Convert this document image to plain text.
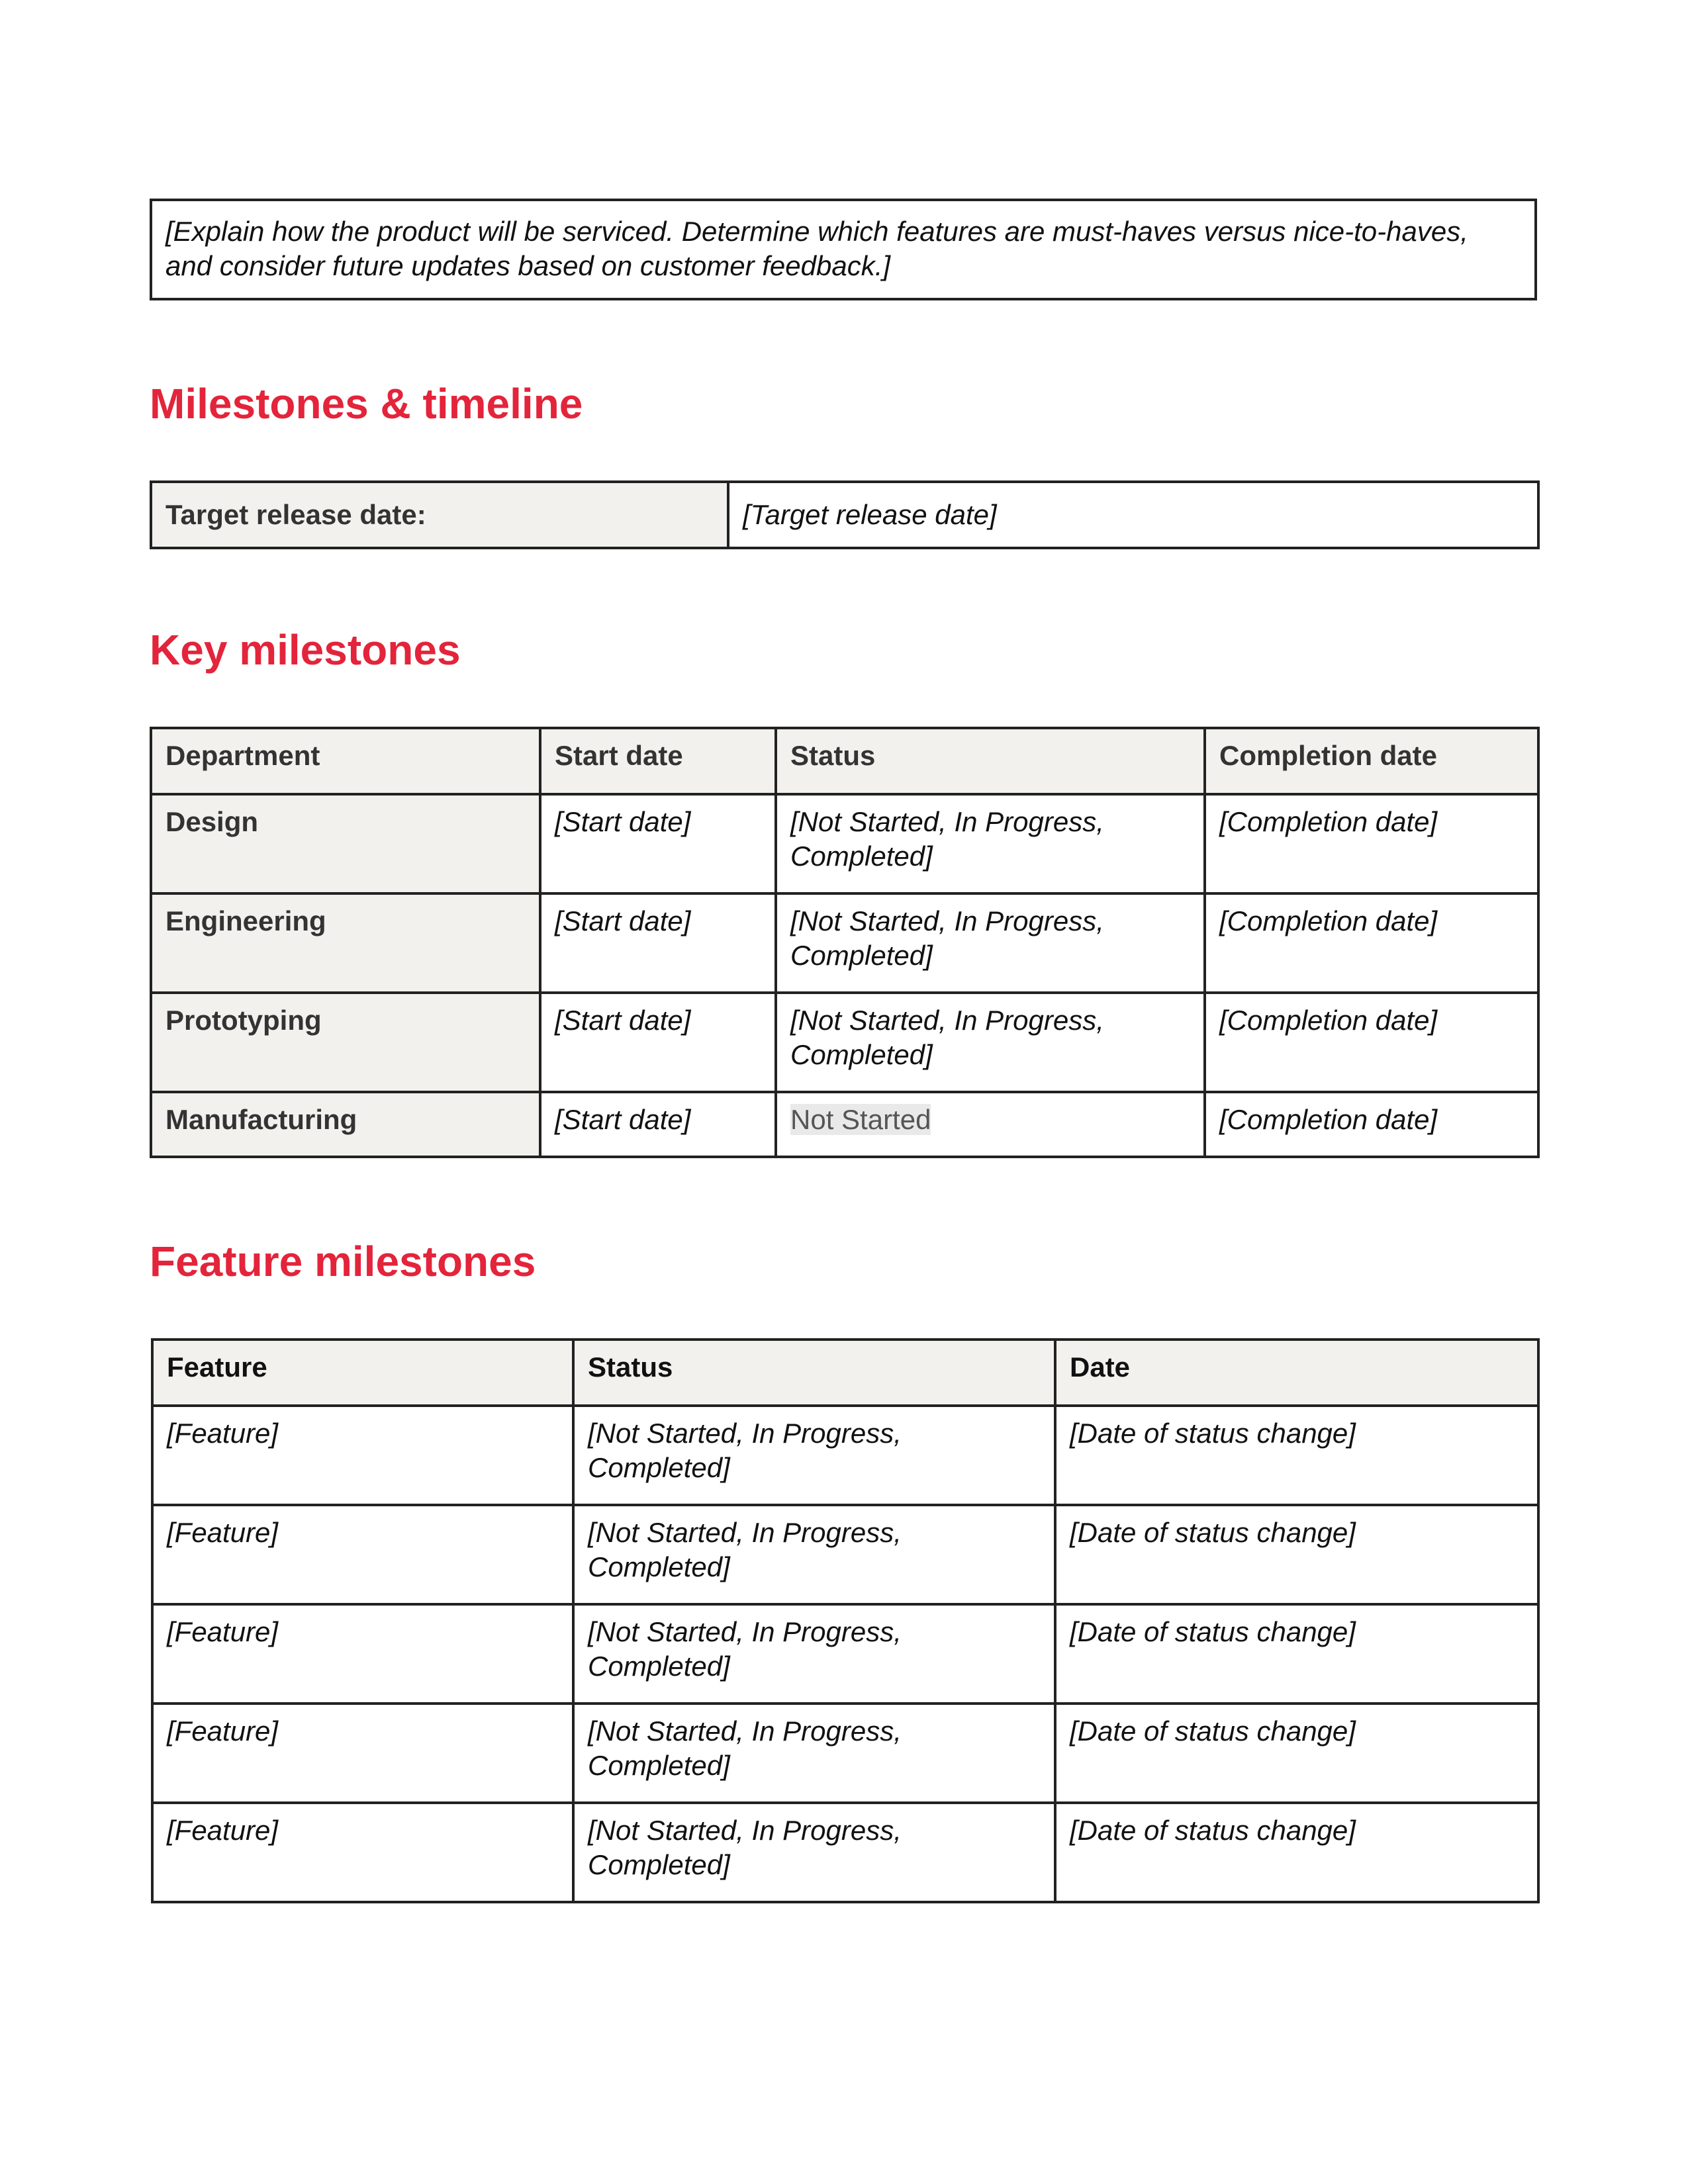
[Explain how the product will be serviced. Determine which features are must-haves versus nice-to-haves, and consider future updates based on customer feedback.]
Milestones & timeline
Target release date:	[Target release date]
Key milestones
Department	Start date	Status	Completion date
Design	[Start date]	[Not Started, In Progress, Completed]	[Completion date]
Engineering	[Start date]	[Not Started, In Progress, Completed]	[Completion date]
Prototyping	[Start date]	[Not Started, In Progress, Completed]	[Completion date]
Manufacturing	[Start date]	Not Started	[Completion date]
Feature milestones
Feature	Status	Date
[Feature]	[Not Started, In Progress, Completed]	[Date of status change]
[Feature]	[Not Started, In Progress, Completed]	[Date of status change]
[Feature]	[Not Started, In Progress, Completed]	[Date of status change]
[Feature]	[Not Started, In Progress, Completed]	[Date of status change]
[Feature]	[Not Started, In Progress, Completed]	[Date of status change]
